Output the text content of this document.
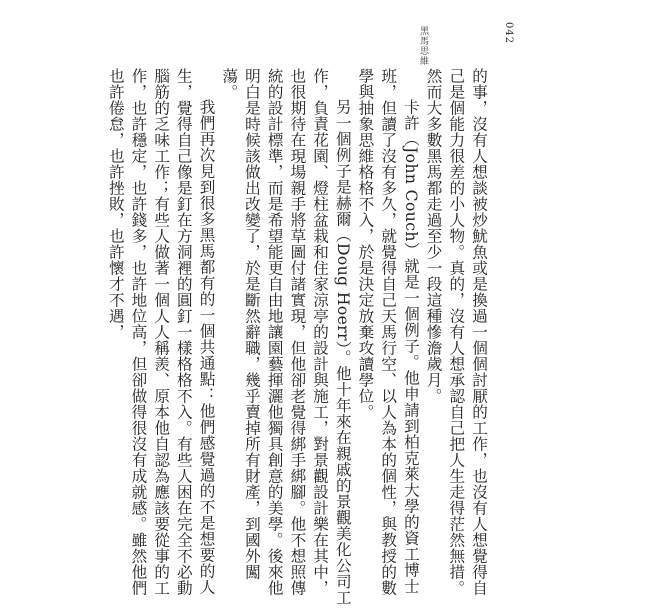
黑馬思維	042

的事，沒有人想談被炒魷魚或是換過一個個討厭的工作，也沒有人想覺得自己是個能力很差的小人物。真的，沒有人想承認自己把人生走得茫然無措。然而大多數黑馬都走過至少一段這種慘澹歲月。

卡許（John Couch）就是一個例子。他申請到柏克萊大學的資工博士班，但讀了沒有多久，就覺得自己天馬行空、以人為本的個性，與教授的數學與抽象思維格格不入，於是決定放棄攻讀學位。

另一個例子是赫爾（Doug Hoerr）。他十年來在親戚的景觀美化公司工作，負責花園、燈柱盆栽和住家涼亭的設計與施工，對景觀設計樂在其中，也很期待在現場親手將草圖付諸實現，但他卻老覺得綁手綁腳。他不想照傳統的設計標準，而是希望能更自由地讓園藝揮灑他獨具創意的美學。後來他明白是時候該做出改變了，於是斷然辭職，幾乎賣掉所有財產，到國外闖蕩。

我們再次見到很多黑馬都有的一個共通點：他們感覺過的不是想要的人生，覺得自己像是釘在方洞裡的圓釘一樣格格不入。有些人困在完全不必動腦筋的乏味工作；有些人做著一個人人稱羨、原本他自認為應該要從事的工作，也許穩定，也許錢多，也許地位高，但卻做得很沒有成就感。雖然他們也許倦怠，也許挫敗，也許懷才不遇，
